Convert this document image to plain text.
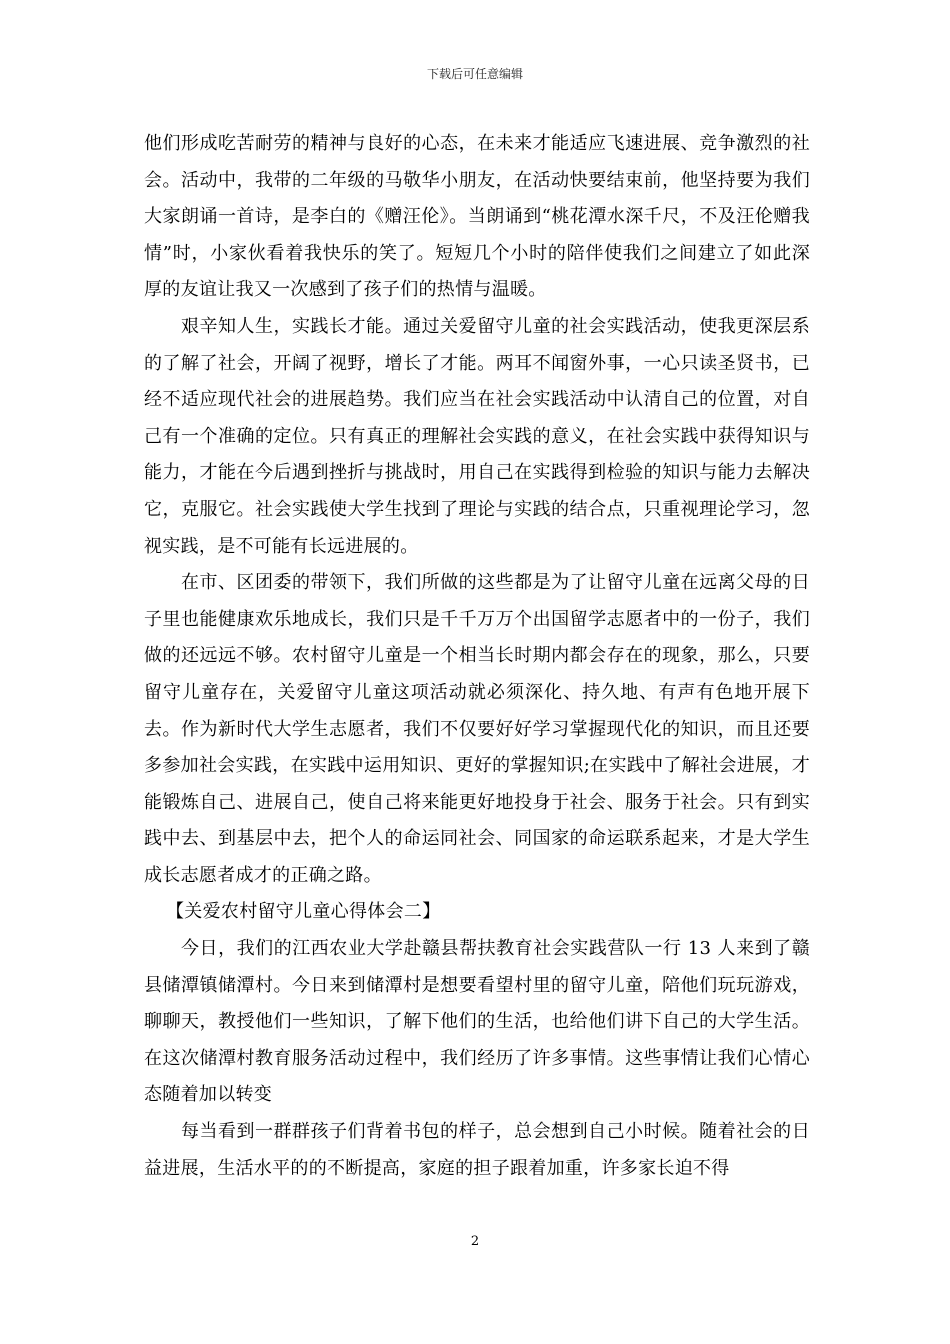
下载后可任意编辑

他们形成吃苦耐劳的精神与良好的心态，在未来才能适应飞速进展、竞争激烈的社会。活动中，我带的二年级的马敬华小朋友，在活动快要结束前，他坚持要为我们大家朗诵一首诗，是李白的《赠汪伦》。当朗诵到“桃花潭水深千尺，不及汪伦赠我情”时，小家伙看着我快乐的笑了。短短几个小时的陪伴使我们之间建立了如此深厚的友谊让我又一次感到了孩子们的热情与温暖。

艰辛知人生，实践长才能。通过关爱留守儿童的社会实践活动，使我更深层系的了解了社会，开阔了视野，增长了才能。两耳不闻窗外事，一心只读圣贤书，已经不适应现代社会的进展趋势。我们应当在社会实践活动中认清自己的位置，对自己有一个准确的定位。只有真正的理解社会实践的意义，在社会实践中获得知识与能力，才能在今后遇到挫折与挑战时，用自己在实践得到检验的知识与能力去解决它，克服它。社会实践使大学生找到了理论与实践的结合点，只重视理论学习，忽视实践，是不可能有长远进展的。

在市、区团委的带领下，我们所做的这些都是为了让留守儿童在远离父母的日子里也能健康欢乐地成长，我们只是千千万万个出国留学志愿者中的一份子，我们做的还远远不够。农村留守儿童是一个相当长时期内都会存在的现象，那么，只要留守儿童存在，关爱留守儿童这项活动就必须深化、持久地、有声有色地开展下去。作为新时代大学生志愿者，我们不仅要好好学习掌握现代化的知识，而且还要多参加社会实践，在实践中运用知识、更好的掌握知识;在实践中了解社会进展，才能锻炼自己、进展自己，使自己将来能更好地投身于社会、服务于社会。只有到实践中去、到基层中去，把个人的命运同社会、同国家的命运联系起来，才是大学生成长志愿者成才的正确之路。

【关爱农村留守儿童心得体会二】

今日，我们的江西农业大学赴赣县帮扶教育社会实践营队一行 13 人来到了赣县储潭镇储潭村。今日来到储潭村是想要看望村里的留守儿童，陪他们玩玩游戏，聊聊天，教授他们一些知识，了解下他们的生活，也给他们讲下自己的大学生活。在这次储潭村教育服务活动过程中，我们经历了许多事情。这些事情让我们心情心态随着加以转变

每当看到一群群孩子们背着书包的样子，总会想到自己小时候。随着社会的日益进展，生活水平的的不断提高，家庭的担子跟着加重，许多家长迫不得

2
